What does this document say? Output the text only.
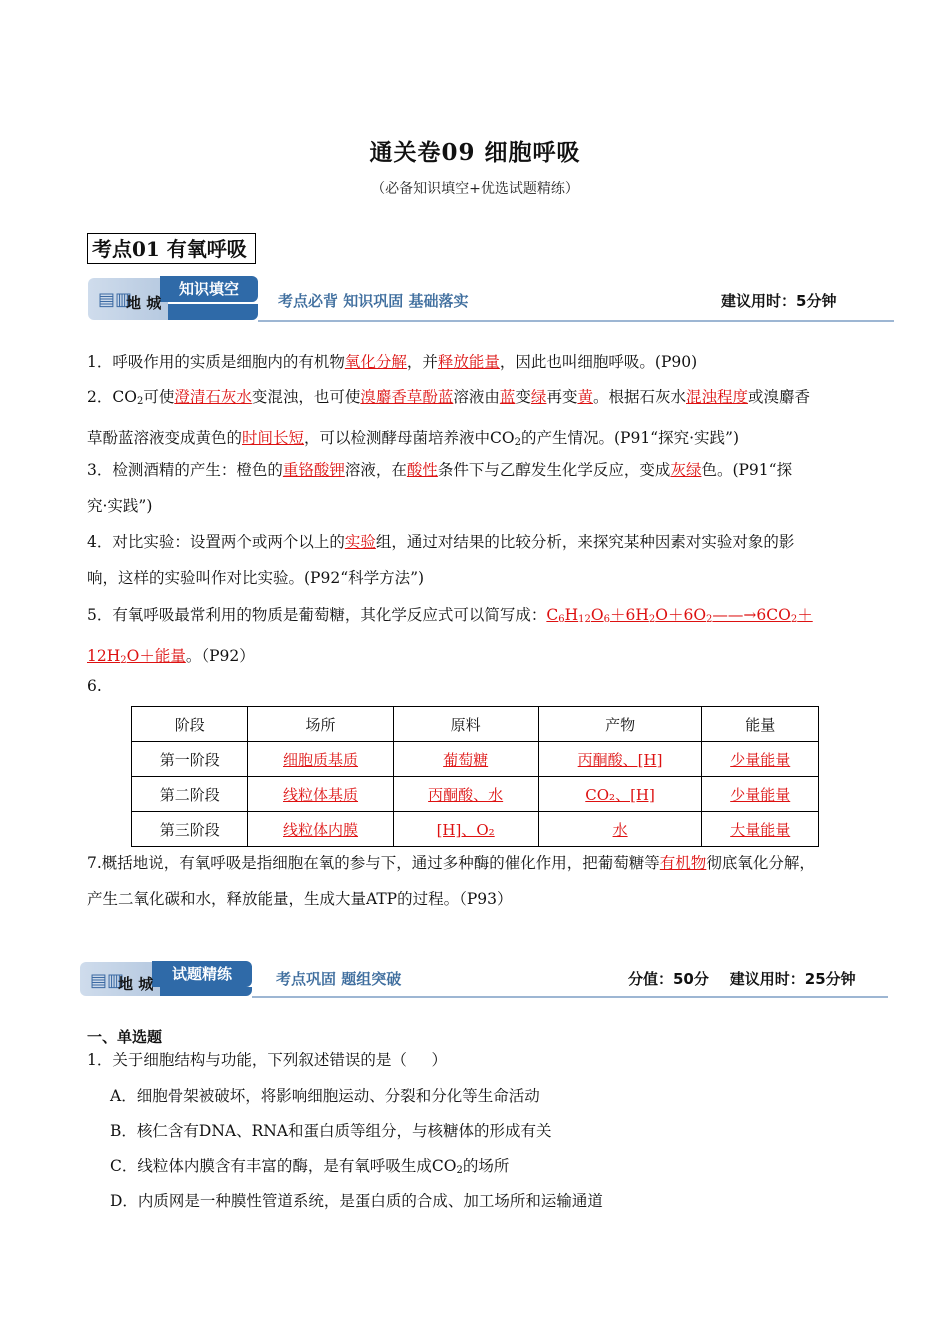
通关卷09 细胞呼吸
（必备知识填空+优选试题精练）
考点01 有氧呼吸
知识填空
▤▥
地 城	考点必背 知识巩固 基础落实	建议用时：5分钟
1．呼吸作用的实质是细胞内的有机物氧化分解，并释放能量，因此也叫细胞呼吸。(P90)
2．$CO_2$可使澄清石灰水变混浊，也可使溴麝香草酚蓝溶液由蓝变绿再变黄。根据石灰水混浊程度或溴麝香
草酚蓝溶液变成黄色的时间长短，可以检测酵母菌培养液中$CO_2$的产生情况。(P91“探究·实践”)
3．检测酒精的产生：橙色的重铬酸钾溶液，在酸性条件下与乙醇发生化学反应，变成灰绿色。(P91“探
究·实践”)
4．对比实验：设置两个或两个以上的实验组，通过对结果的比较分析，来探究某种因素对实验对象的影
响，这样的实验叫作对比实验。(P92“科学方法”)
5．有氧呼吸最常利用的物质是葡萄糖，其化学反应式可以简写成：$C_6H_{12}O_6+6H_2O+6O_2——\to 6CO_2+$
$12H_2O+$能量。（P92）
6.
阶段	场所	原料	产物	能量
第一阶段	细胞质基质	葡萄糖	丙酮酸、[H]	少量能量
第二阶段	线粒体基质	丙酮酸、水	CO₂、[H]	少量能量
第三阶段	线粒体内膜	[H]、O₂	水	大量能量
7.概括地说，有氧呼吸是指细胞在氧的参与下，通过多种酶的催化作用，把葡萄糖等有机物彻底氧化分解，
产生二氧化碳和水，释放能量，生成大量ATP的过程。（P93）
试题精练
▤▥
地 城	考点巩固 题组突破	分值：50分    建议用时：25分钟
一、单选题
1．关于细胞结构与功能，下列叙述错误的是（     ）
A．细胞骨架被破坏，将影响细胞运动、分裂和分化等生命活动
B．核仁含有DNA、RNA和蛋白质等组分，与核糖体的形成有关
C．线粒体内膜含有丰富的酶，是有氧呼吸生成$CO_2$的场所
D．内质网是一种膜性管道系统，是蛋白质的合成、加工场所和运输通道
